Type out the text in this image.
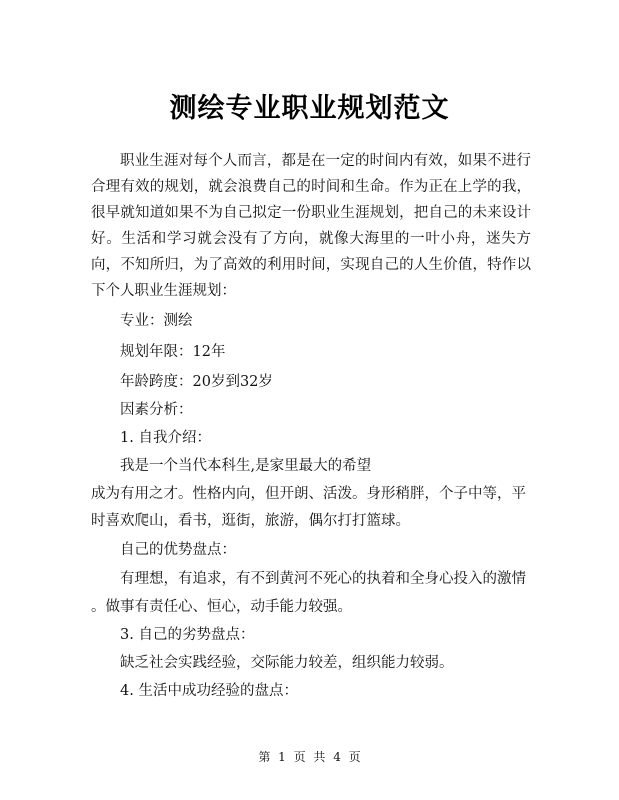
测绘专业职业规划范文
职业生涯对每个人而言，都是在一定的时间内有效，如果不进行合理有效的规划，就会浪费自己的时间和生命。作为正在上学的我，很早就知道如果不为自己拟定一份职业生涯规划，把自己的未来设计好。生活和学习就会没有了方向，就像大海里的一叶小舟，迷失方向，不知所归，为了高效的利用时间，实现自己的人生价值，特作以下个人职业生涯规划：
专业：测绘
规划年限：12年
年龄跨度：20岁到32岁
因素分析：
1. 自我介绍：
我是一个当代本科生,是家里最大的希望
成为有用之才。性格内向，但开朗、活泼。身形稍胖，个子中等，平
时喜欢爬山，看书，逛街，旅游，偶尔打打篮球。
自己的优势盘点：
有理想，有追求，有不到黄河不死心的执着和全身心投入的激情
。做事有责任心、恒心，动手能力较强。
3. 自己的劣势盘点：
缺乏社会实践经验，交际能力较差，组织能力较弱。
4. 生活中成功经验的盘点：
第 1 页 共 4 页
